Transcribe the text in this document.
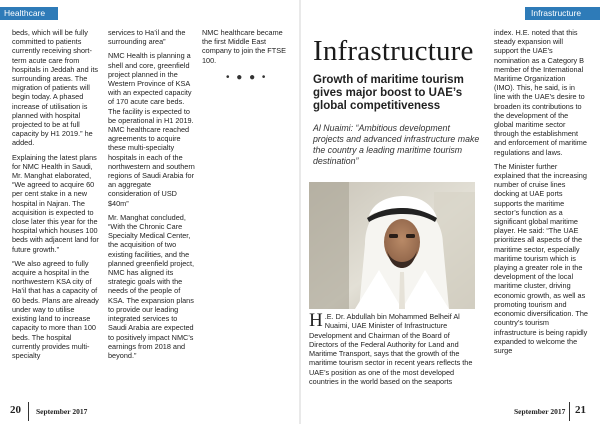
Healthcare

beds, which will be fully committed to patients currently receiving short-term acute care from hospitals in Jeddah and its surrounding areas. The migration of patients will begin today. A phased increase of utilisation is planned with hospital projected to be at full capacity by H1 2019.” he added.

Explaining the latest plans for NMC Health in Saudi, Mr. Manghat elaborated, “We agreed to acquire 60 per cent stake in a new hospital in Najran. The acquisition is expected to close later this year for the hospital which houses 100 beds with adjacent land for future growth.”

“We also agreed to fully acquire a hospital in the northwestern KSA city of Ha’il that has a capacity of 60 beds. Plans are already under way to utilise existing land to increase capacity to more than 100 beds. The hospital currently provides multi-specialty

services to Ha’il and the surrounding area”

NMC Health is planning a shell and core, greenfield project planned in the Western Province of KSA with an expected capacity of 170 acute care beds. The facility is expected to be operational in H1 2019. NMC healthcare reached agreements to acquire these multi-specialty hospitals in each of the northwestern and southern regions of Saudi Arabia for an aggregate consideration of USD $40m”

Mr. Manghat concluded, “With the Chronic Care Specialty Medical Center, the acquisition of two existing facilities, and the planned greenfield project, NMC has aligned its strategic goals with the needs of the people of KSA. The expansion plans to provide our leading integrated services to Saudi Arabia are expected to positively impact NMC’s earnings from 2018 and beyond.”

NMC healthcare became the first Middle East company to join the FTSE 100.

• ● ● •
20 September 2017
Infrastructure
Infrastructure
Growth of maritime tourism gives major boost to UAE’s global competitiveness
Al Nuaimi: “Ambitious development projects and advanced infrastructure make the country a leading maritime tourism destination”
H .E. Dr. Abdullah bin Mohammed Belheif Al Nuaimi, UAE Minister of Infrastructure Development and Chairman of the Board of Directors of the Federal Authority for Land and Maritime Transport, says that the growth of the maritime tourism sector in recent years reflects the UAE’s position as one of the most developed countries in the world based on the seaports

index. H.E. noted that this steady expansion will support the UAE’s nomination as a Category B member of the International Maritime Organization (IMO). This, he said, is in line with the UAE’s desire to broaden its contributions to the development of the global maritime sector through the establishment and enforcement of maritime regulations and laws.

The Minister further explained that the increasing number of cruise lines docking at UAE ports supports the maritime sector’s function as a significant global maritime player. He said: “The UAE prioritizes all aspects of the maritime sector, especially maritime tourism which is playing a greater role in the development of the local maritime cluster, driving economic growth, as well as promoting tourism and economic diversification. The country’s tourism infrastructure is being rapidly expanded to welcome the surge

September 2017 21
